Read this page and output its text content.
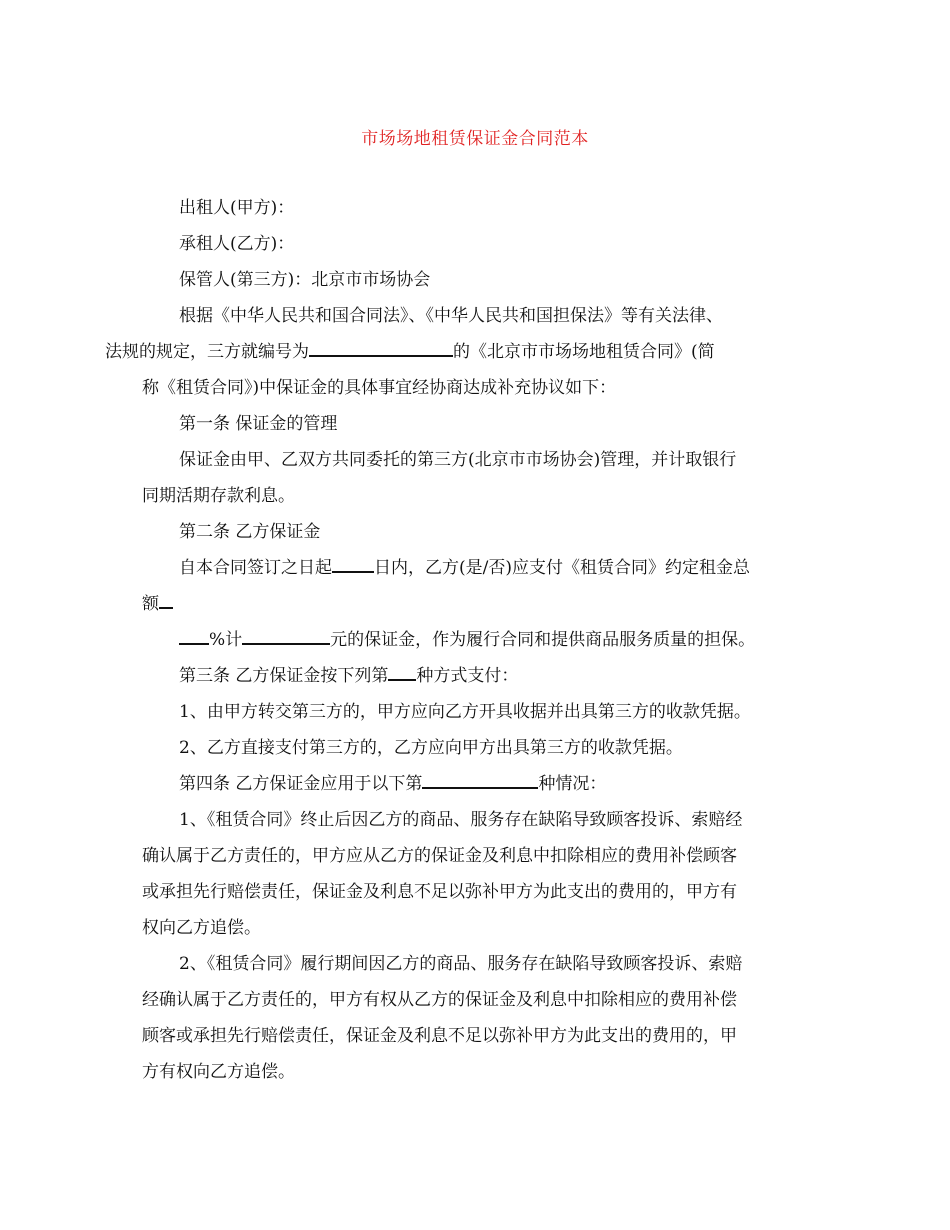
市场场地租赁保证金合同范本

出租人(甲方)：

承租人(乙方)：

保管人(第三方)：北京市市场协会

根据《中华人民共和国合同法》、《中华人民共和国担保法》等有关法律、
法规的规定，三方就编号为	的《北京市市场场地租赁合同》(简
称《租赁合同》)中保证金的具体事宜经协商达成补充协议如下：

第一条 保证金的管理

保证金由甲、乙双方共同委托的第三方(北京市市场协会)管理，并计取银行
同期活期存款利息。

第二条 乙方保证金

自本合同签订之日起 日内，乙方(是/否)应支付《租赁合同》约定租金总
额
%计	元的保证金，作为履行合同和提供商品服务质量的担保。

第三条 乙方保证金按下列第 种方式支付：

1、由甲方转交第三方的，甲方应向乙方开具收据并出具第三方的收款凭据。

2、乙方直接支付第三方的，乙方应向甲方出具第三方的收款凭据。

第四条 乙方保证金应用于以下第	种情况：

1、《租赁合同》终止后因乙方的商品、服务存在缺陷导致顾客投诉、索赔经
确认属于乙方责任的，甲方应从乙方的保证金及利息中扣除相应的费用补偿顾客
或承担先行赔偿责任，保证金及利息不足以弥补甲方为此支出的费用的，甲方有
权向乙方追偿。

2、《租赁合同》履行期间因乙方的商品、服务存在缺陷导致顾客投诉、索赔
经确认属于乙方责任的，甲方有权从乙方的保证金及利息中扣除相应的费用补偿
顾客或承担先行赔偿责任，保证金及利息不足以弥补甲方为此支出的费用的，甲
方有权向乙方追偿。
